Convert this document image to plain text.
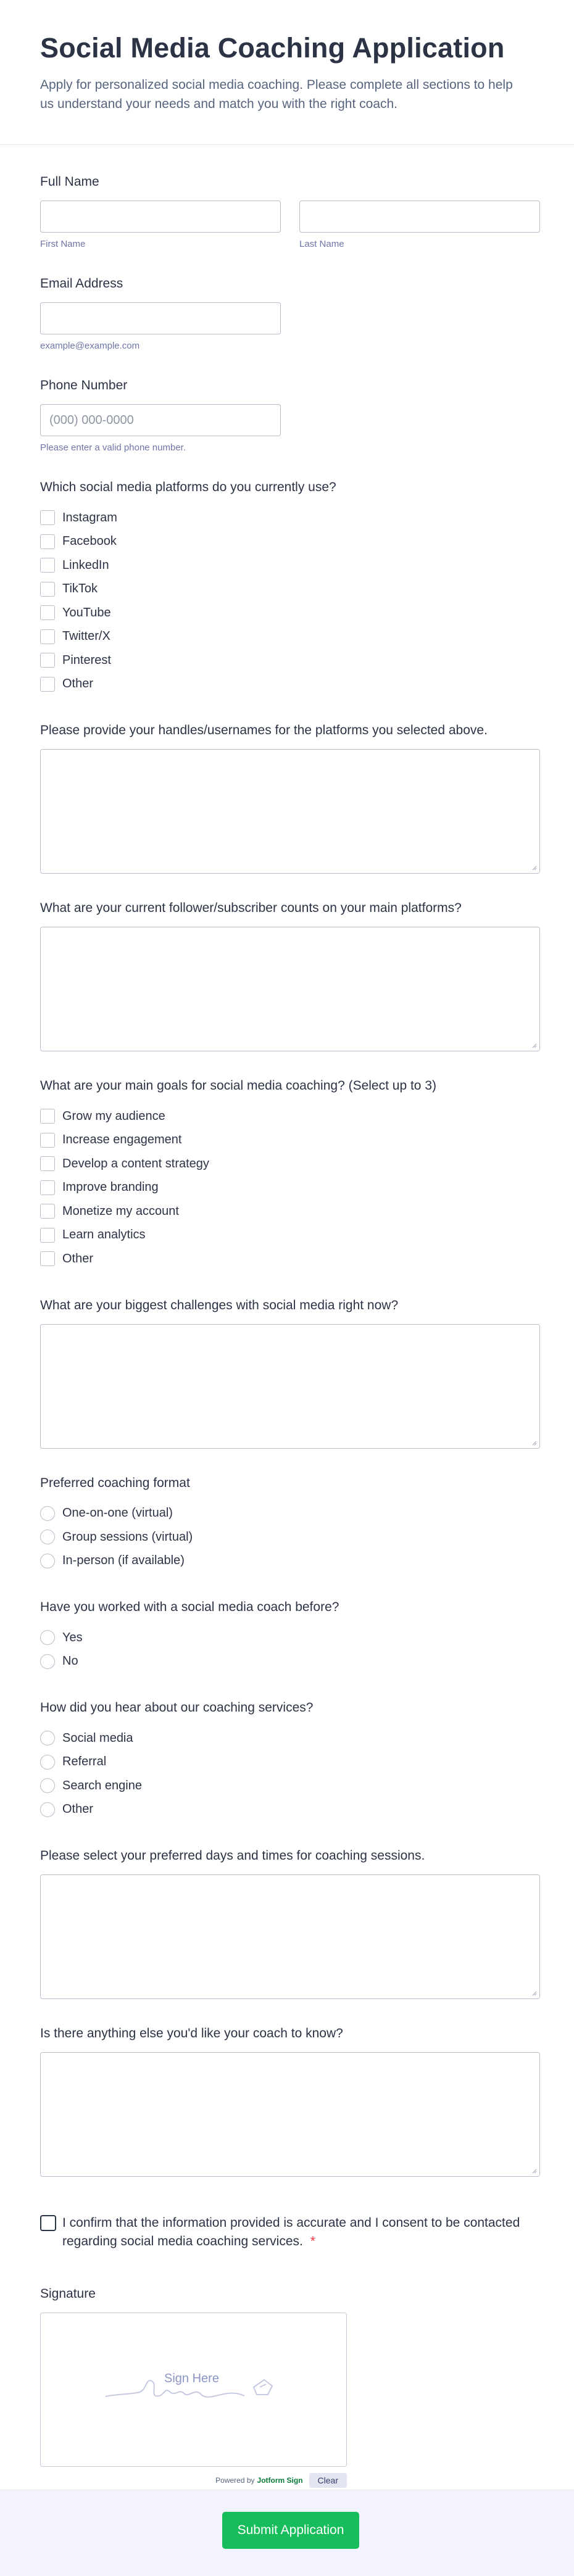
Social Media Coaching Application

Apply for personalized social media coaching. Please complete all sections to help us understand your needs and match you with the right coach.

Full Name
First Name	Last Name
Email Address
example@example.com
Phone Number
(000) 000-0000
Please enter a valid phone number.
Which social media platforms do you currently use?
Instagram
Facebook
LinkedIn
TikTok
YouTube
Twitter/X
Pinterest
Other
Please provide your handles/usernames for the platforms you selected above.
What are your current follower/subscriber counts on your main platforms?
What are your main goals for social media coaching? (Select up to 3)
Grow my audience
Increase engagement
Develop a content strategy
Improve branding
Monetize my account
Learn analytics
Other
What are your biggest challenges with social media right now?
Preferred coaching format
One-on-one (virtual)
Group sessions (virtual)
In-person (if available)
Have you worked with a social media coach before?
Yes
No
How did you hear about our coaching services?
Social media
Referral
Search engine
Other
Please select your preferred days and times for coaching sessions.
Is there anything else you'd like your coach to know?
I confirm that the information provided is accurate and I consent to be contacted regarding social media coaching services. *
Signature
Sign Here
Powered by Jotform Sign	Clear
Submit Application
